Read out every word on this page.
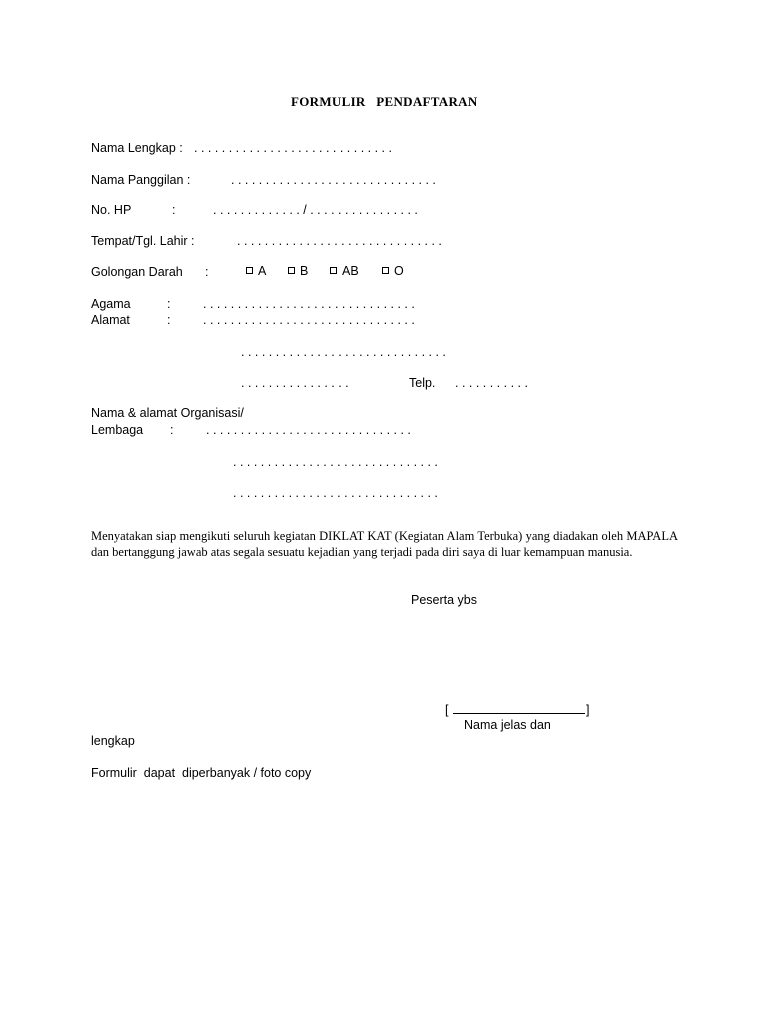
FORMULIR   PENDAFTARAN
Nama Lengkap : . . . . . . . . . . . . . . . . . . . . . . . . . . . . .
Nama Panggilan :	. . . . . . . . . . . . . . . . . . . . . . . . . . . . . .
No. HP	:	. . . . . . . . . . . . . / . . . . . . . . . . . . . . . .
Tempat/Tgl. Lahir :	. . . . . . . . . . . . . . . . . . . . . . . . . . . . . .
Golongan Darah :	A	B	AB	O
Agama	:	. . . . . . . . . . . . . . . . . . . . . . . . . . . . . . .
Alamat	:	. . . . . . . . . . . . . . . . . . . . . . . . . . . . . . .
. . . . . . . . . . . . . . . . . . . . . . . . . . . . . .
. . . . . . . . . . . . . . . .	Telp. . . . . . . . . . . .
Nama & alamat Organisasi/
Lembaga :	. . . . . . . . . . . . . . . . . . . . . . . . . . . . . .
. . . . . . . . . . . . . . . . . . . . . . . . . . . . . .
. . . . . . . . . . . . . . . . . . . . . . . . . . . . . .
Menyatakan siap mengikuti seluruh kegiatan DIKLAT KAT (Kegiatan Alam Terbuka) yang diadakan oleh MAPALA dan bertanggung jawab atas segala sesuatu kejadian yang terjadi pada diri saya di luar kemampuan manusia.
Peserta ybs
[	]
Nama jelas dan
lengkap
Formulir  dapat  diperbanyak / foto copy
